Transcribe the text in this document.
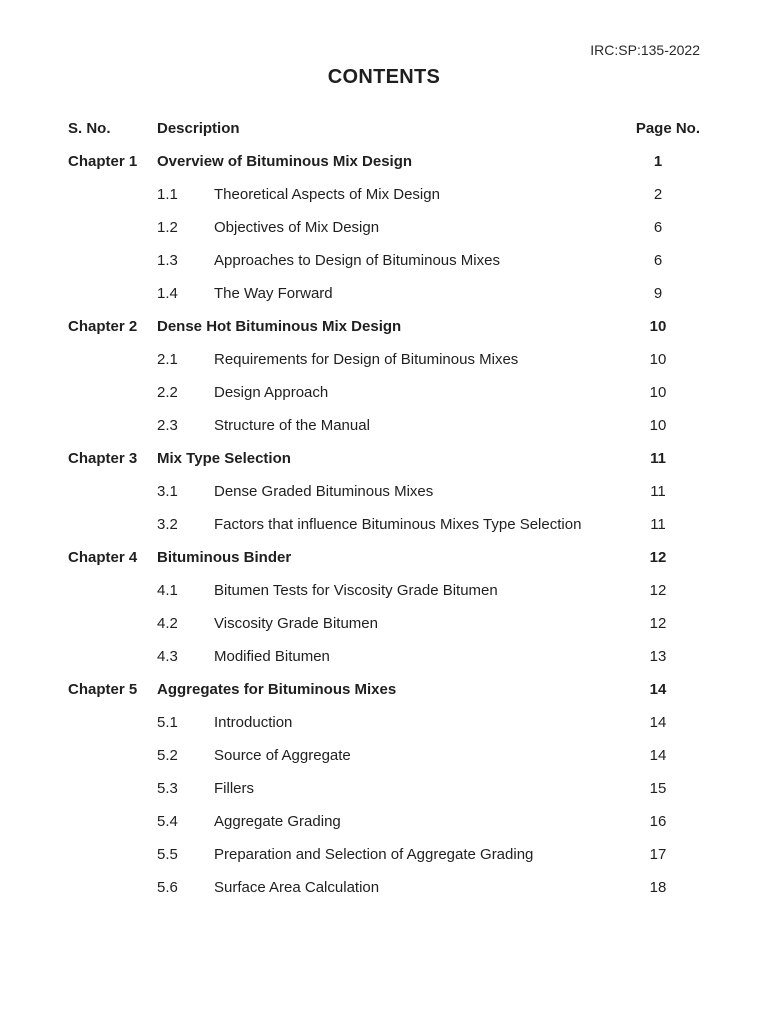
IRC:SP:135-2022
CONTENTS
S. No.	Description	Page No.
Chapter 1 Overview of Bituminous Mix Design	1
1.1 Theoretical Aspects of Mix Design	2
1.2 Objectives of Mix Design	6
1.3 Approaches to Design of Bituminous Mixes	6
1.4 The Way Forward	9
Chapter 2 Dense Hot Bituminous Mix Design	10
2.1 Requirements for Design of Bituminous Mixes	10
2.2 Design Approach	10
2.3 Structure of the Manual	10
Chapter 3 Mix Type Selection	11
3.1 Dense Graded Bituminous Mixes	11
3.2 Factors that influence Bituminous Mixes Type Selection	11
Chapter 4 Bituminous Binder	12
4.1 Bitumen Tests for Viscosity Grade Bitumen	12
4.2 Viscosity Grade Bitumen	12
4.3 Modified Bitumen	13
Chapter 5 Aggregates for Bituminous Mixes	14
5.1 Introduction	14
5.2 Source of Aggregate	14
5.3 Fillers	15
5.4 Aggregate Grading	16
5.5 Preparation and Selection of Aggregate Grading	17
5.6 Surface Area Calculation	18
